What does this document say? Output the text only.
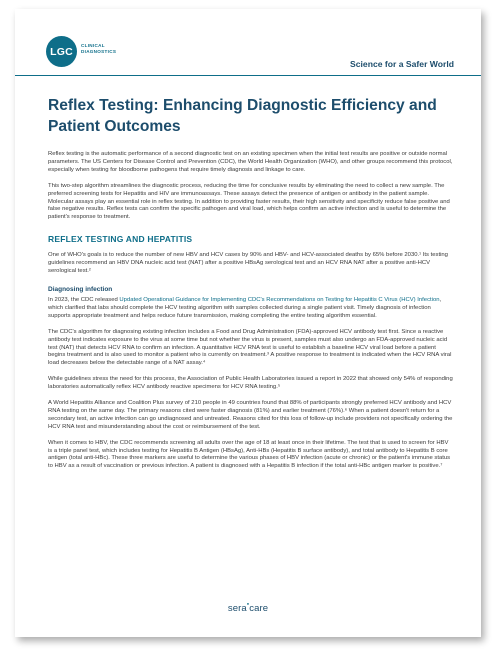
LGC	CLINICAL
DIAGNOSTICS
Science for a Safer World
Reflex Testing: Enhancing Diagnostic Efficiency and Patient Outcomes

Reflex testing is the automatic performance of a second diagnostic test on an existing specimen when the initial test results are positive or outside normal parameters. The US Centers for Disease Control and Prevention (CDC), the World Health Organization (WHO), and other groups recommend this protocol, especially when testing for bloodborne pathogens that require timely diagnosis and linkage to care.

This two-step algorithm streamlines the diagnostic process, reducing the time for conclusive results by eliminating the need to collect a new sample. The preferred screening tests for Hepatitis and HIV are immunoassays. These assays detect the presence of antigen or antibody in the patient sample. Molecular assays play an essential role in reflex testing. In addition to providing faster results, their high sensitivity and specificity reduce false positive and false negative results. Reflex tests can confirm the specific pathogen and viral load, which helps confirm an active infection and is useful to determine the patient's response to treatment.

REFLEX TESTING AND HEPATITIS

One of WHO's goals is to reduce the number of new HBV and HCV cases by 90% and HBV- and HCV-associated deaths by 65% before 2030.¹ Its testing guidelines recommend an HBV DNA nucleic acid test (NAT) after a positive HBsAg serological test and an HCV RNA NAT after a positive anti-HCV serological test.²

Diagnosing infection

In 2023, the CDC released Updated Operational Guidance for Implementing CDC's Recommendations on Testing for Hepatitis C Virus (HCV) Infection, which clarified that labs should complete the HCV testing algorithm with samples collected during a single patient visit. Timely diagnosis of infection supports appropriate treatment and helps reduce future transmission, making completing the entire testing algorithm essential.

The CDC's algorithm for diagnosing existing infection includes a Food and Drug Administration (FDA)-approved HCV antibody test first. Since a reactive antibody test indicates exposure to the virus at some time but not whether the virus is present, samples must also undergo an FDA-approved nucleic acid test (NAT) that detects HCV RNA to confirm an infection. A quantitative HCV RNA test is useful to establish a baseline HCV viral load before a patient begins treatment and is also used to monitor a patient who is currently on treatment.³ A positive response to treatment is indicated when the HCV RNA viral load decreases below the detectable range of a NAT assay.⁴

While guidelines stress the need for this process, the Association of Public Health Laboratories issued a report in 2022 that showed only 54% of responding laboratories automatically reflex HCV antibody reactive specimens for HCV RNA testing.⁵

A World Hepatitis Alliance and Coalition Plus survey of 210 people in 49 countries found that 88% of participants strongly preferred HCV antibody and HCV RNA testing on the same day. The primary reasons cited were faster diagnosis (81%) and earlier treatment (76%).⁶ When a patient doesn't return for a secondary test, an active infection can go undiagnosed and untreated. Reasons cited for this loss of follow-up include providers not specifically ordering the HCV RNA test and misunderstanding about the cost or reimbursement of the test.

When it comes to HBV, the CDC recommends screening all adults over the age of 18 at least once in their lifetime. The test that is used to screen for HBV is a triple panel test, which includes testing for Hepatitis B Antigen (HBsAg), Anti-HBs (Hepatitis B surface antibody), and total antibody to Hepatitis B core antigen (total anti-HBc). These three markers are useful to determine the various phases of HBV infection (acute or chronic) or the patient's immune status to HBV as a result of vaccination or previous infection. A patient is diagnosed with a Hepatitis B infection if the total anti-HBc antigen marker is positive.⁷

sera●care
